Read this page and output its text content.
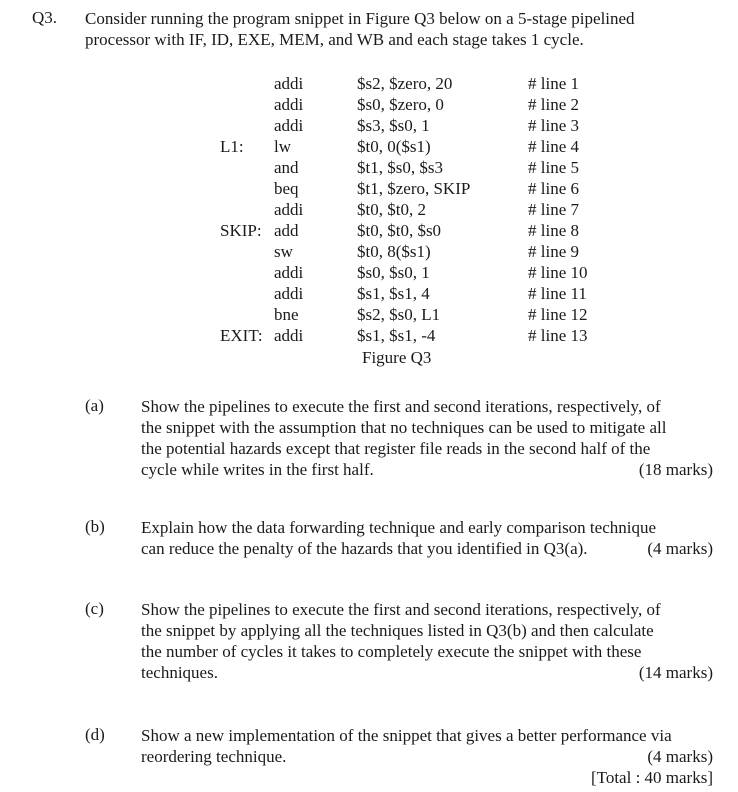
Q3. Consider running the program snippet in Figure Q3 below on a 5-stage pipelined
processor with IF, ID, EXE, MEM, and WB and each stage takes 1 cycle.
addi	$s2, $zero, 20	# line 1
addi	$s0, $zero, 0	# line 2
addi	$s3, $s0, 1	# line 3
L1: lw	$t0, 0($s1)	# line 4
and	$t1, $s0, $s3	# line 5
beq	$t1, $zero, SKIP	# line 6
addi	$t0, $t0, 2	# line 7
SKIP: add	$t0, $t0, $s0	# line 8
sw	$t0, 8($s1)	# line 9
addi	$s0, $s0, 1	# line 10
addi	$s1, $s1, 4	# line 11
bne	$s2, $s0, L1	# line 12
EXIT: addi	$s1, $s1, -4	# line 13
Figure Q3
(a) Show the pipelines to execute the first and second iterations, respectively, of
the snippet with the assumption that no techniques can be used to mitigate all
the potential hazards except that register file reads in the second half of the
cycle while writes in the first half.	(18 marks)
(b) Explain how the data forwarding technique and early comparison technique
can reduce the penalty of the hazards that you identified in Q3(a).	(4 marks)
(c) Show the pipelines to execute the first and second iterations, respectively, of
the snippet by applying all the techniques listed in Q3(b) and then calculate
the number of cycles it takes to completely execute the snippet with these
techniques.	(14 marks)
(d) Show a new implementation of the snippet that gives a better performance via
reordering technique.	(4 marks)
[Total : 40 marks]
